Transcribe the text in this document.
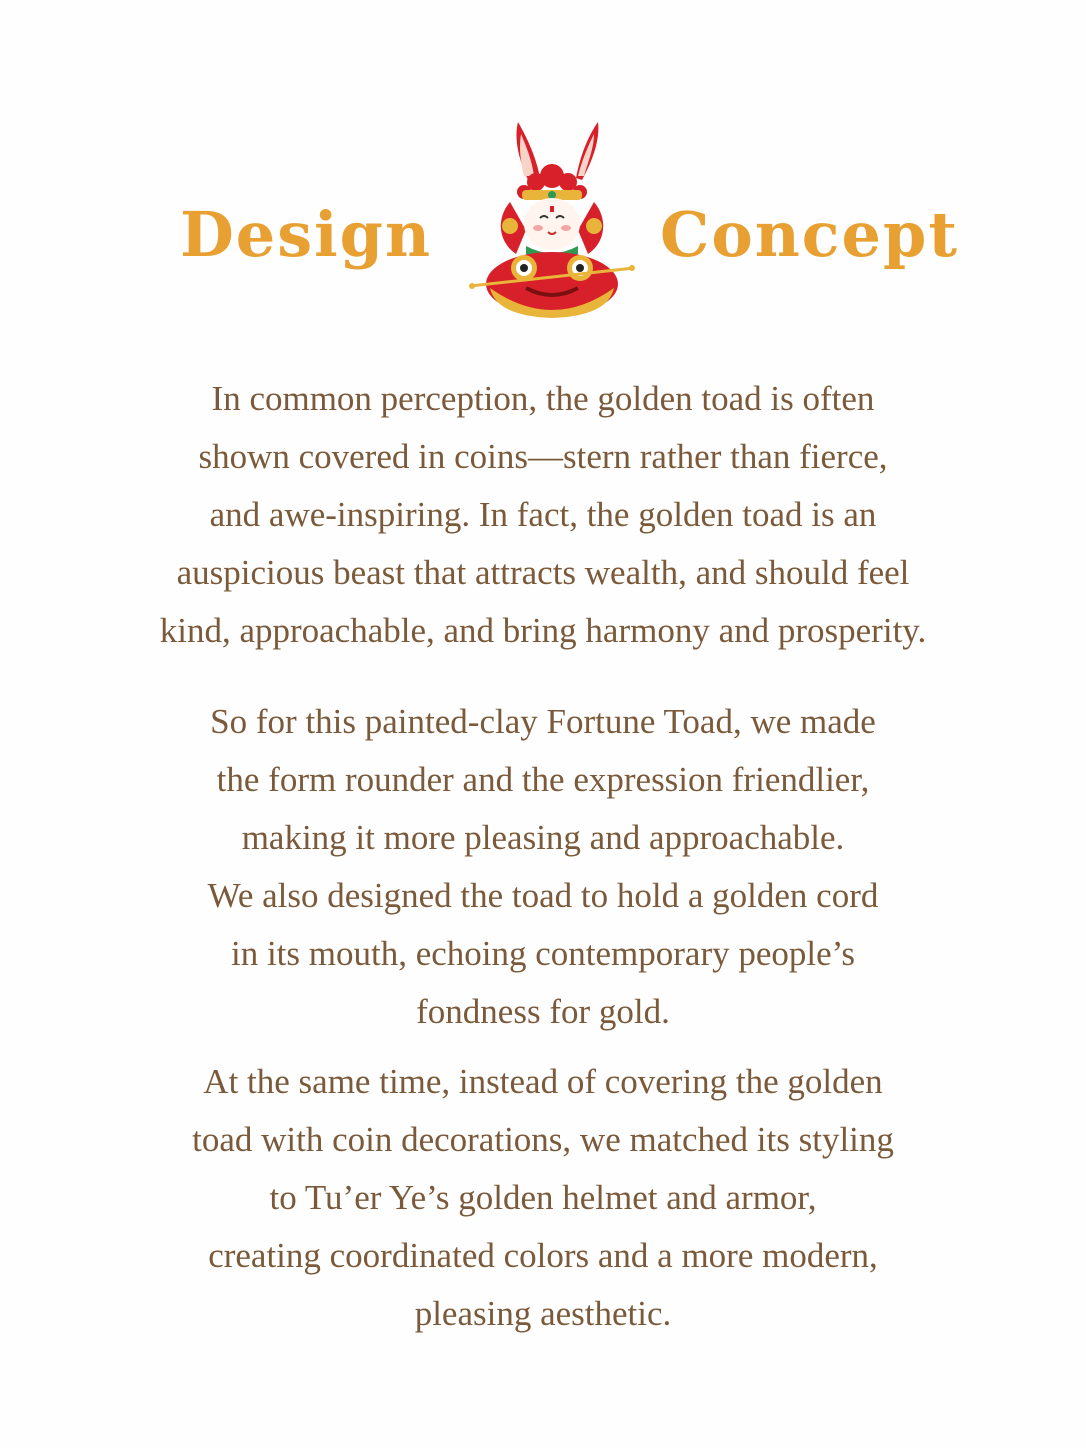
Design	Concept
In common perception, the golden toad is often
shown covered in coins—stern rather than fierce,
and awe-inspiring. In fact, the golden toad is an
auspicious beast that attracts wealth, and should feel
kind, approachable, and bring harmony and prosperity.
So for this painted-clay Fortune Toad, we made
the form rounder and the expression friendlier,
making it more pleasing and approachable.
We also designed the toad to hold a golden cord
in its mouth, echoing contemporary people’s
fondness for gold.
At the same time, instead of covering the golden
toad with coin decorations, we matched its styling
to Tu’er Ye’s golden helmet and armor,
creating coordinated colors and a more modern,
pleasing aesthetic.
